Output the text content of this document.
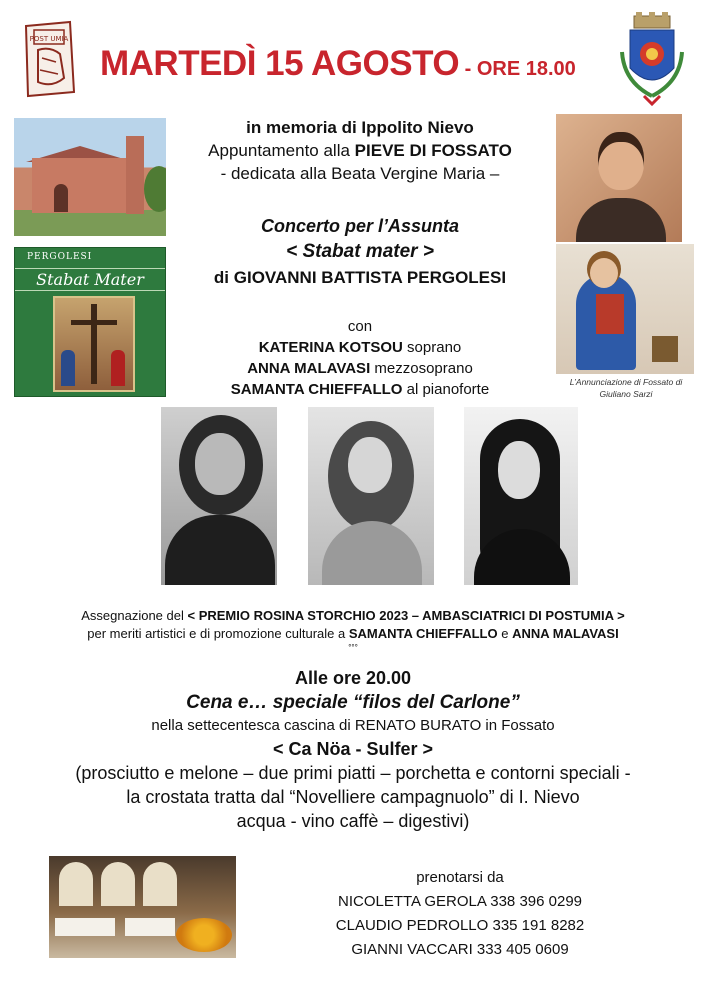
POST UMIA
MARTEDÌ 15 AGOSTO - ORE 18.00
in memoria di Ippolito Nievo
Appuntamento alla PIEVE DI FOSSATO
- dedicata alla Beata Vergine Maria –
Concerto per l’Assunta
< Stabat mater >
di GIOVANNI BATTISTA PERGOLESI
PERGOLESI
Stabat Mater
L’Annunciazione di Fossato di
Giuliano Sarzi
con
KATERINA KOTSOU soprano
ANNA MALAVASI mezzosoprano
SAMANTA CHIEFFALLO al pianoforte
Assegnazione del < PREMIO ROSINA STORCHIO 2023 – AMBASCIATRICI DI POSTUMIA >
per meriti artistici e di promozione culturale a SAMANTA CHIEFFALLO e ANNA MALAVASI
°°°
Alle ore 20.00
Cena e… speciale “filos del Carlone”
nella settecentesca cascina di RENATO BURATO in Fossato
< Ca Nöa - Sulfer >
(prosciutto e melone – due primi piatti – porchetta e contorni speciali -
la crostata tratta dal “Novelliere campagnuolo” di I. Nievo
acqua - vino caffè – digestivi)
prenotarsi da
NICOLETTA GEROLA 338 396 0299
CLAUDIO PEDROLLO 335 191 8282
GIANNI VACCARI 333 405 0609
